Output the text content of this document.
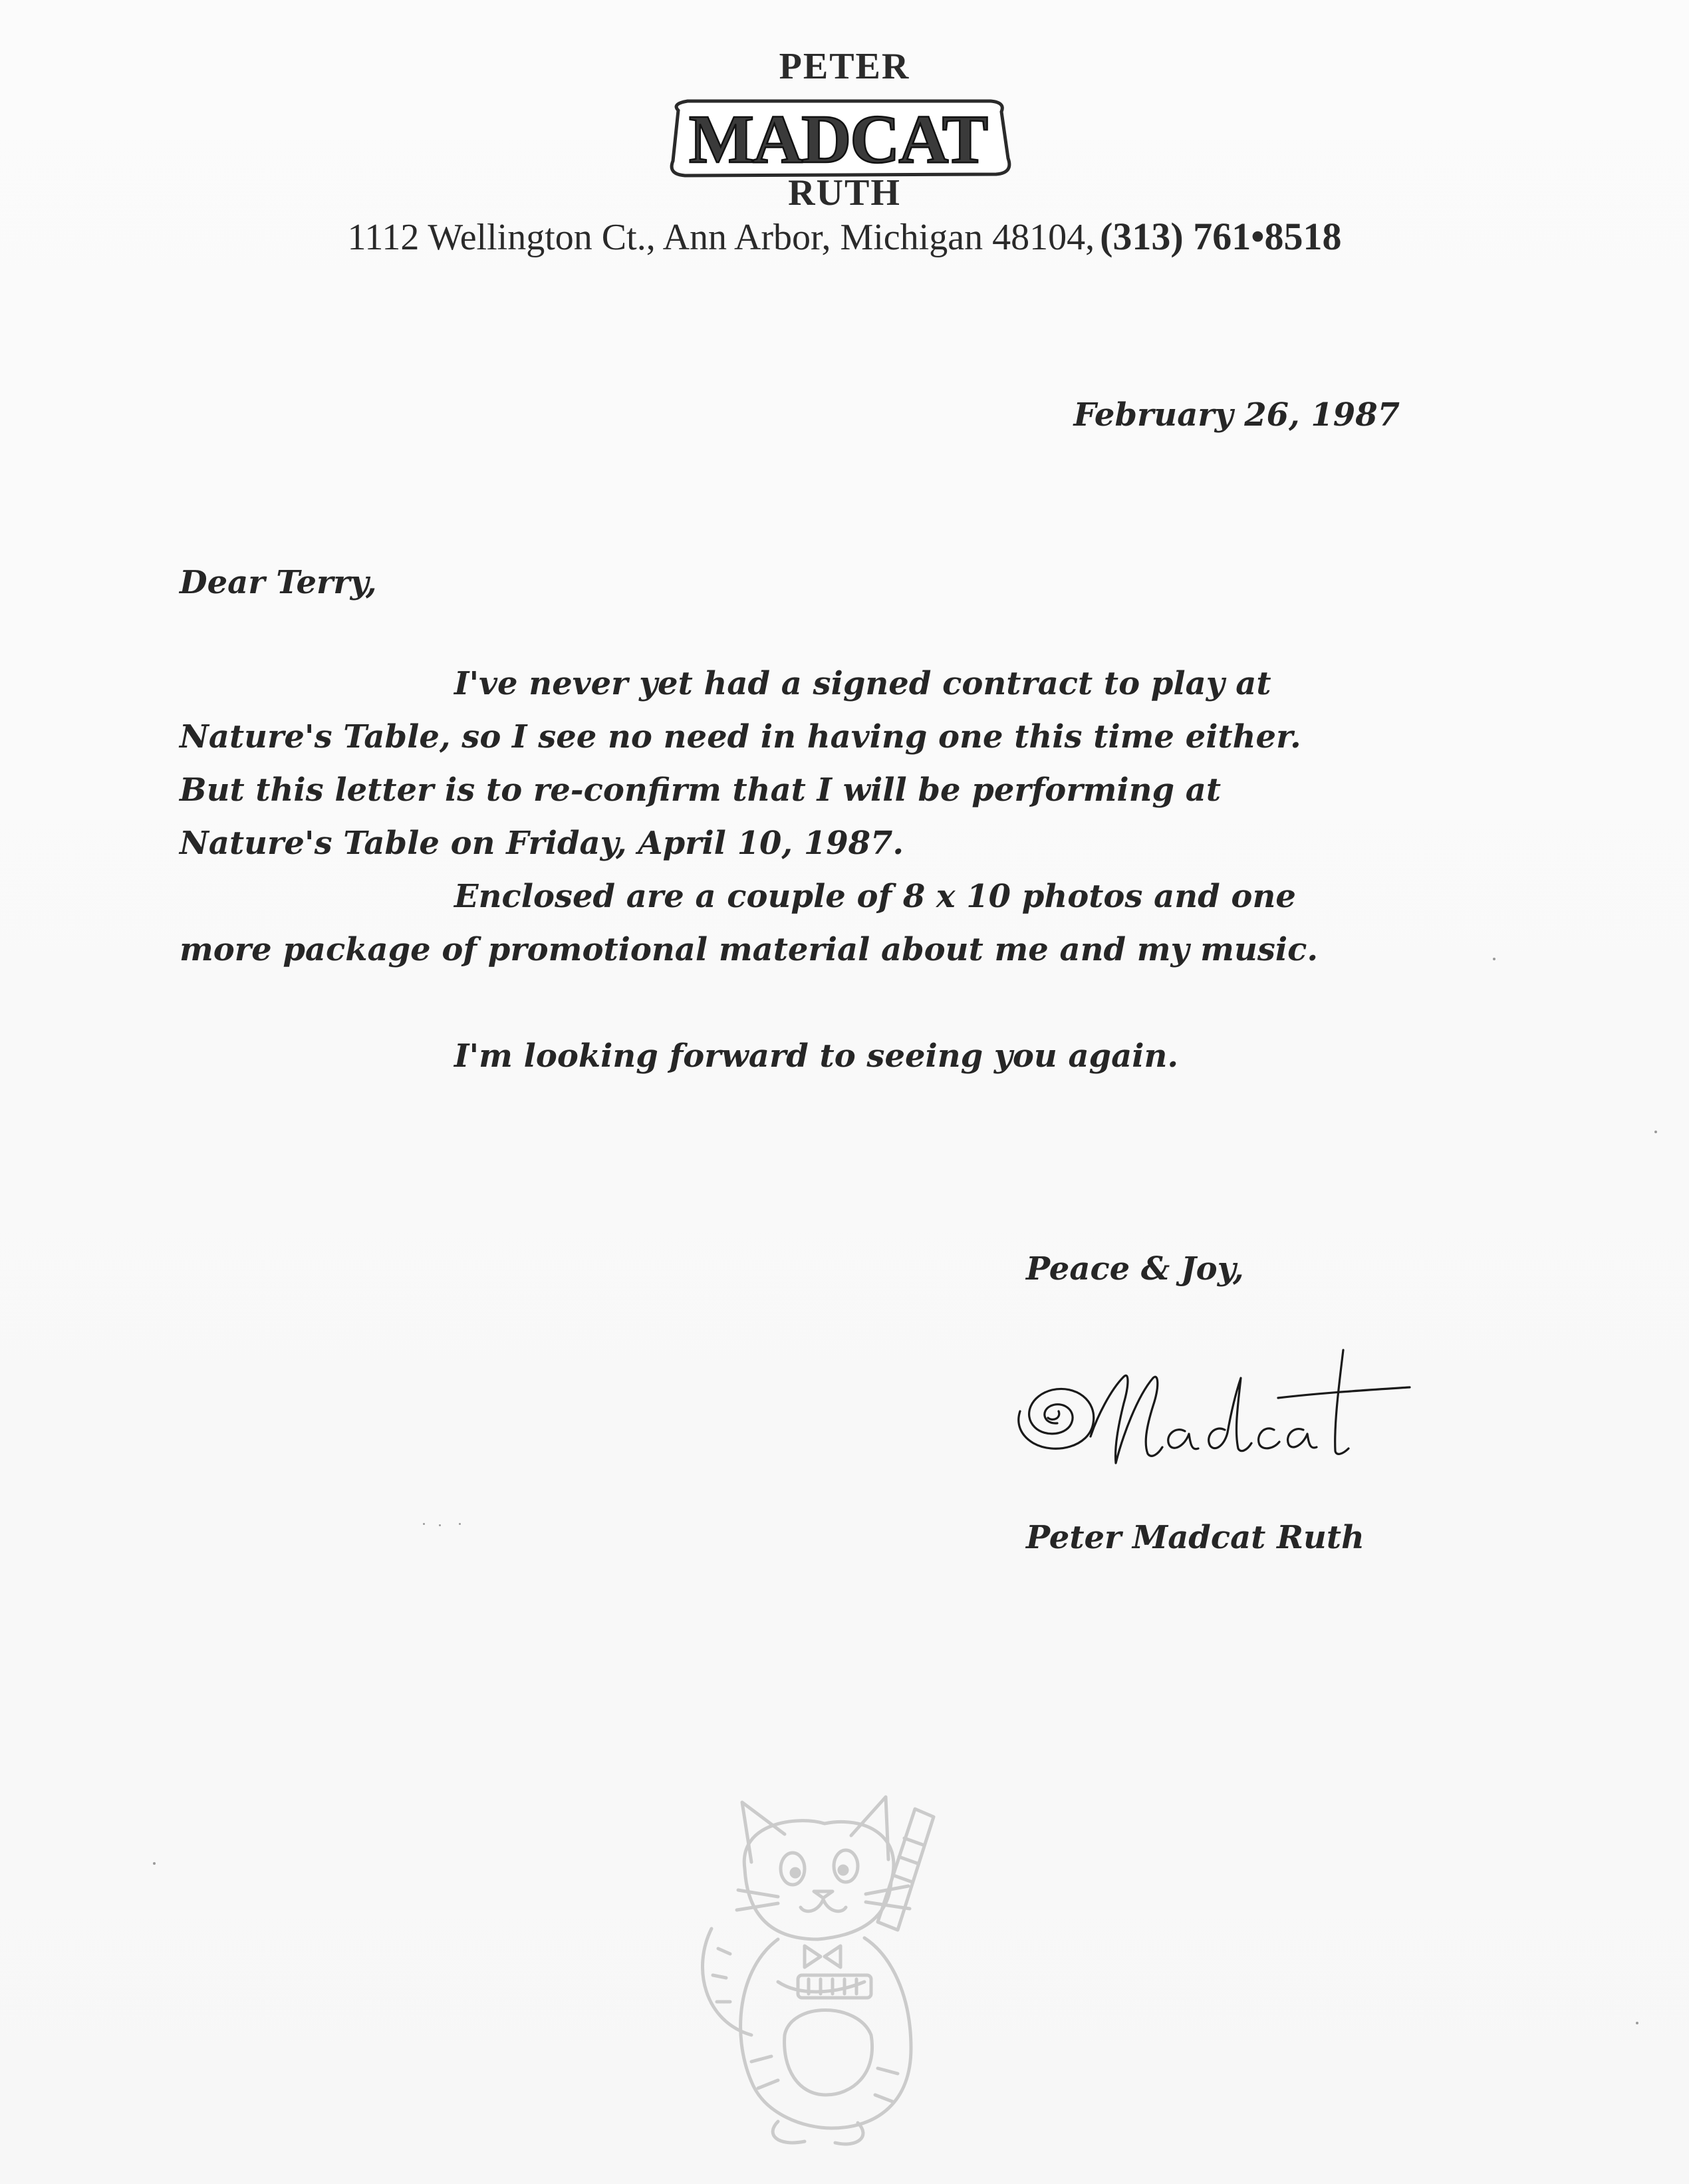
PETER
MADCAT
RUTH
1112 Wellington Ct., Ann Arbor, Michigan 48104, (313) 761•8518
February 26, 1987
Dear Terry,
I've never yet had a signed contract to play at
Nature's Table, so I see no need in having one this time either.
But this letter is to re-confirm that I will be performing at
Nature's Table on Friday, April 10, 1987.
Enclosed are a couple of 8 x 10 photos and one
more package of promotional material about me and my music.
I'm looking forward to seeing you again.
Peace & Joy,
Peter Madcat Ruth
